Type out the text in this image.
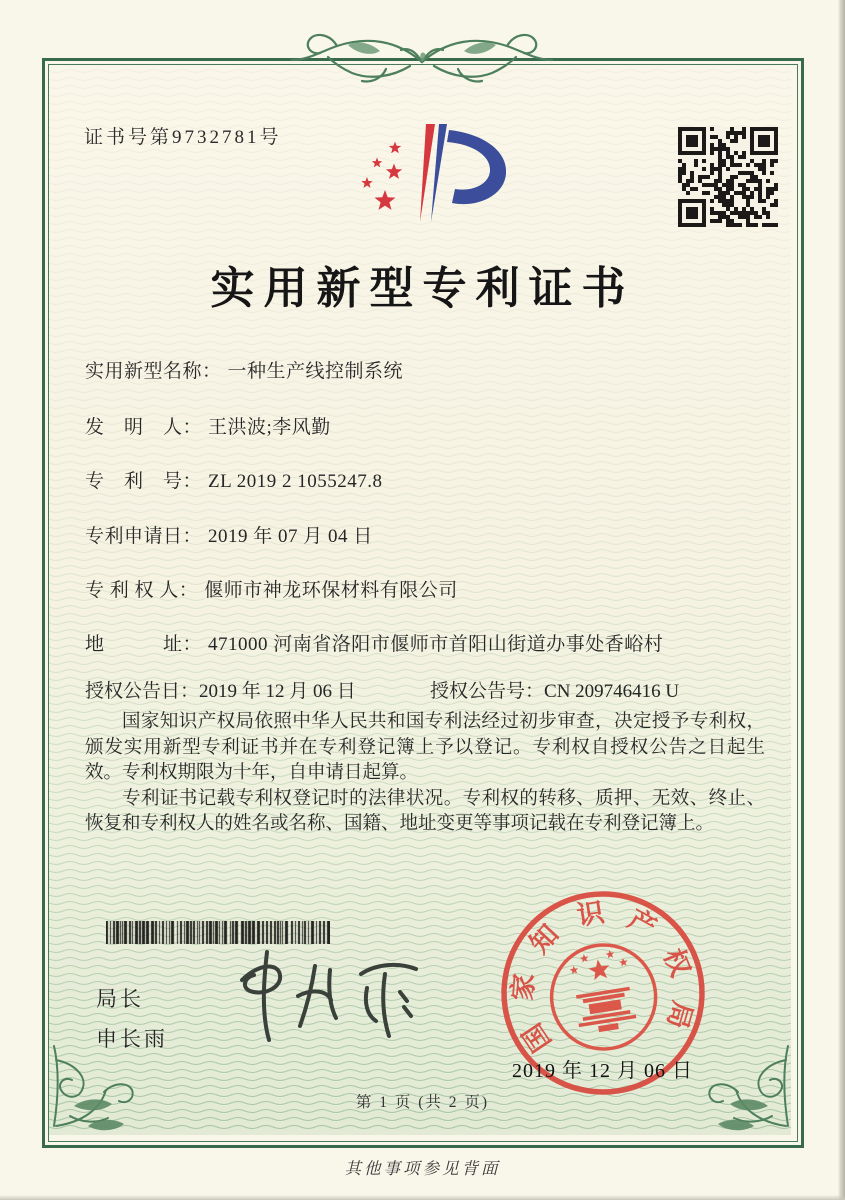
证书号第9732781号
实用新型专利证书
实用新型名称： 一种生产线控制系统
发　明　人： 王洪波;李风勤
专　利　号： ZL 2019 2 1055247.8
专利申请日： 2019 年 07 月 04 日
专 利 权 人： 偃师市神龙环保材料有限公司
地　　　址： 471000 河南省洛阳市偃师市首阳山街道办事处香峪村
授权公告日：2019 年 12 月 06 日	授权公告号：CN 209746416 U

国家知识产权局依照中华人民共和国专利法经过初步审查，决定授予专利权，颁发实用新型专利证书并在专利登记簿上予以登记。专利权自授权公告之日起生效。专利权期限为十年，自申请日起算。

专利证书记载专利权登记时的法律状况。专利权的转移、质押、无效、终止、恢复和专利权人的姓名或名称、国籍、地址变更等事项记载在专利登记簿上。

局长
申长雨	国
家
知
识 产
权
局
2019 年 12 月 06 日
第 1 页 (共 2 页)
其他事项参见背面
